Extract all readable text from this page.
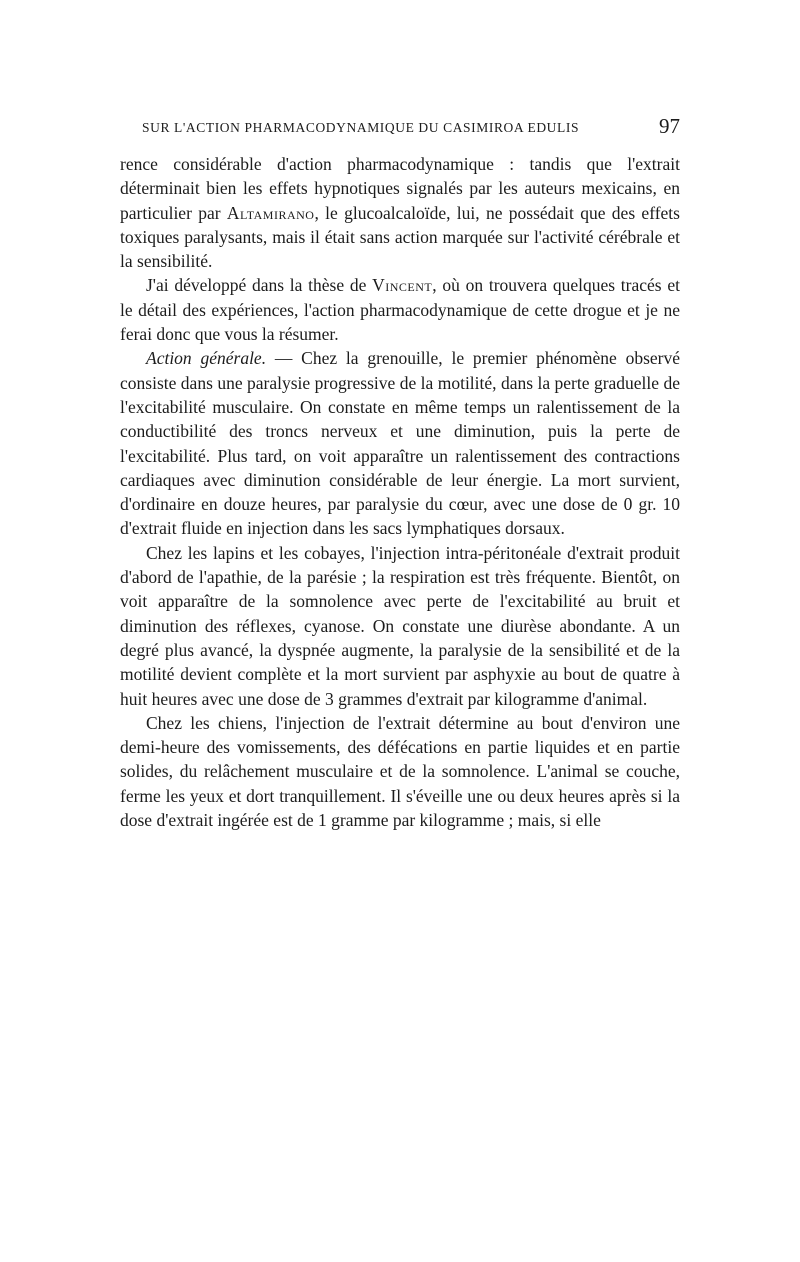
SUR L'ACTION PHARMACODYNAMIQUE DU CASIMIROA EDULIS	97

rence considérable d'action pharmacodynamique : tandis que l'extrait déterminait bien les effets hypnotiques signalés par les auteurs mexicains, en particulier par Altamirano, le glucoalcaloïde, lui, ne possédait que des effets toxiques paralysants, mais il était sans action marquée sur l'activité cérébrale et la sensibilité.

J'ai développé dans la thèse de Vincent, où on trouvera quelques tracés et le détail des expériences, l'action pharmacodynamique de cette drogue et je ne ferai donc que vous la résumer.

Action générale. — Chez la grenouille, le premier phénomène observé consiste dans une paralysie progressive de la motilité, dans la perte graduelle de l'excitabilité musculaire. On constate en même temps un ralentissement de la conductibilité des troncs nerveux et une diminution, puis la perte de l'excitabilité. Plus tard, on voit apparaître un ralentissement des contractions cardiaques avec diminution considérable de leur énergie. La mort survient, d'ordinaire en douze heures, par paralysie du cœur, avec une dose de 0 gr. 10 d'extrait fluide en injection dans les sacs lymphatiques dorsaux.

Chez les lapins et les cobayes, l'injection intra-péritonéale d'extrait produit d'abord de l'apathie, de la parésie ; la respiration est très fréquente. Bientôt, on voit apparaître de la somnolence avec perte de l'excitabilité au bruit et diminution des réflexes, cyanose. On constate une diurèse abondante. A un degré plus avancé, la dyspnée augmente, la paralysie de la sensibilité et de la motilité devient complète et la mort survient par asphyxie au bout de quatre à huit heures avec une dose de 3 grammes d'extrait par kilogramme d'animal.

Chez les chiens, l'injection de l'extrait détermine au bout d'environ une demi-heure des vomissements, des défécations en partie liquides et en partie solides, du relâchement musculaire et de la somnolence. L'animal se couche, ferme les yeux et dort tranquillement. Il s'éveille une ou deux heures après si la dose d'extrait ingérée est de 1 gramme par kilogramme ; mais, si elle
